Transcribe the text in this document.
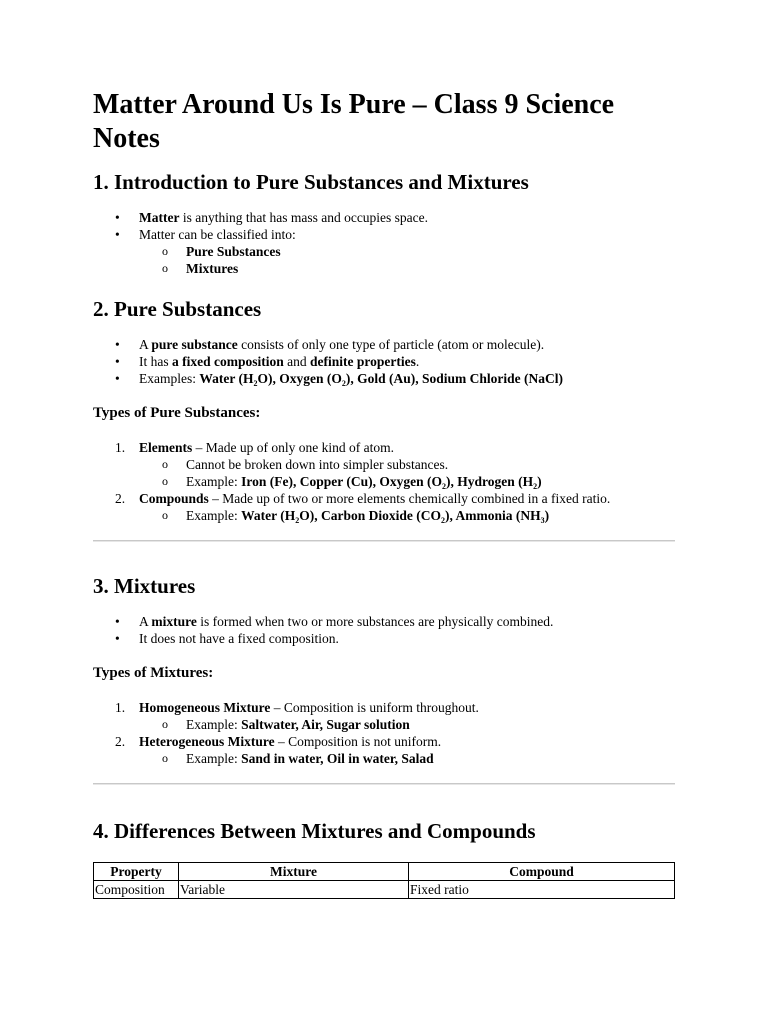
Matter Around Us Is Pure – Class 9 Science Notes
1. Introduction to Pure Substances and Mixtures
• Matter is anything that has mass and occupies space.
• Matter can be classified into:
o Pure Substances
o Mixtures
2. Pure Substances
• A pure substance consists of only one type of particle (atom or molecule).
• It has a fixed composition and definite properties.
• Examples: Water $(H_2O)$, Oxygen $(O_2)$, Gold (Au), Sodium Chloride (NaCl)
Types of Pure Substances:
1. Elements – Made up of only one kind of atom.
o Cannot be broken down into simpler substances.
o Example: Iron (Fe), Copper (Cu), Oxygen $(O_2)$, Hydrogen $(H_2)$
2. Compounds – Made up of two or more elements chemically combined in a fixed ratio.
o Example: Water $(H_2O)$, Carbon Dioxide $(CO_2)$, Ammonia $(NH_3)$
3. Mixtures
• A mixture is formed when two or more substances are physically combined.
• It does not have a fixed composition.
Types of Mixtures:
1. Homogeneous Mixture – Composition is uniform throughout.
o Example: Saltwater, Air, Sugar solution
2. Heterogeneous Mixture – Composition is not uniform.
o Example: Sand in water, Oil in water, Salad
4. Differences Between Mixtures and Compounds
Property	Mixture	Compound
Composition	Variable	Fixed ratio
